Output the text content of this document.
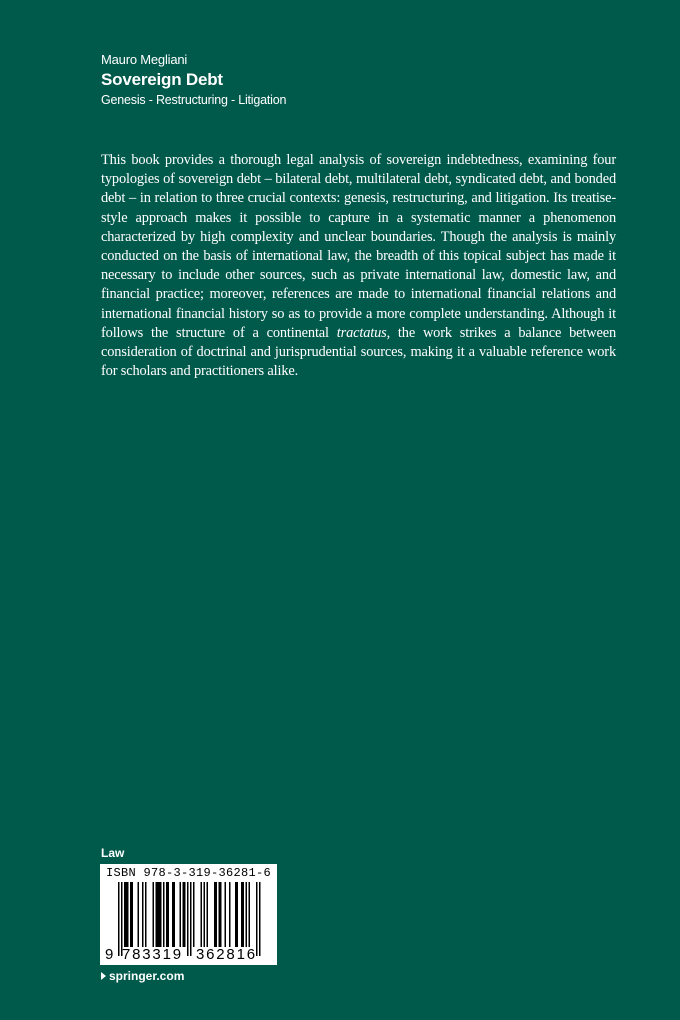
Mauro Megliani

Sovereign Debt

Genesis - Restructuring - Litigation

This book provides a thorough legal analysis of sovereign indebtedness, examining four typologies of sovereign debt – bilateral debt, multilateral debt, syndicated debt, and bonded debt – in relation to three crucial contexts: genesis, restructuring, and litigation. Its treatise-style approach makes it possible to capture in a systematic manner a phenomenon characterized by high complexity and unclear boundaries. Though the analysis is mainly conducted on the basis of international law, the breadth of this topical subject has made it necessary to include other sources, such as private international law, domestic law, and financial practice; moreover, references are made to international financial relations and international financial history so as to provide a more complete understanding. Although it follows the structure of a continental tractatus, the work strikes a balance between consideration of doctrinal and jurisprudential sources, making it a valuable reference work for scholars and practitioners alike.

Law
ISBN 978-3-319-36281-6
9 783319 362816
springer.com
